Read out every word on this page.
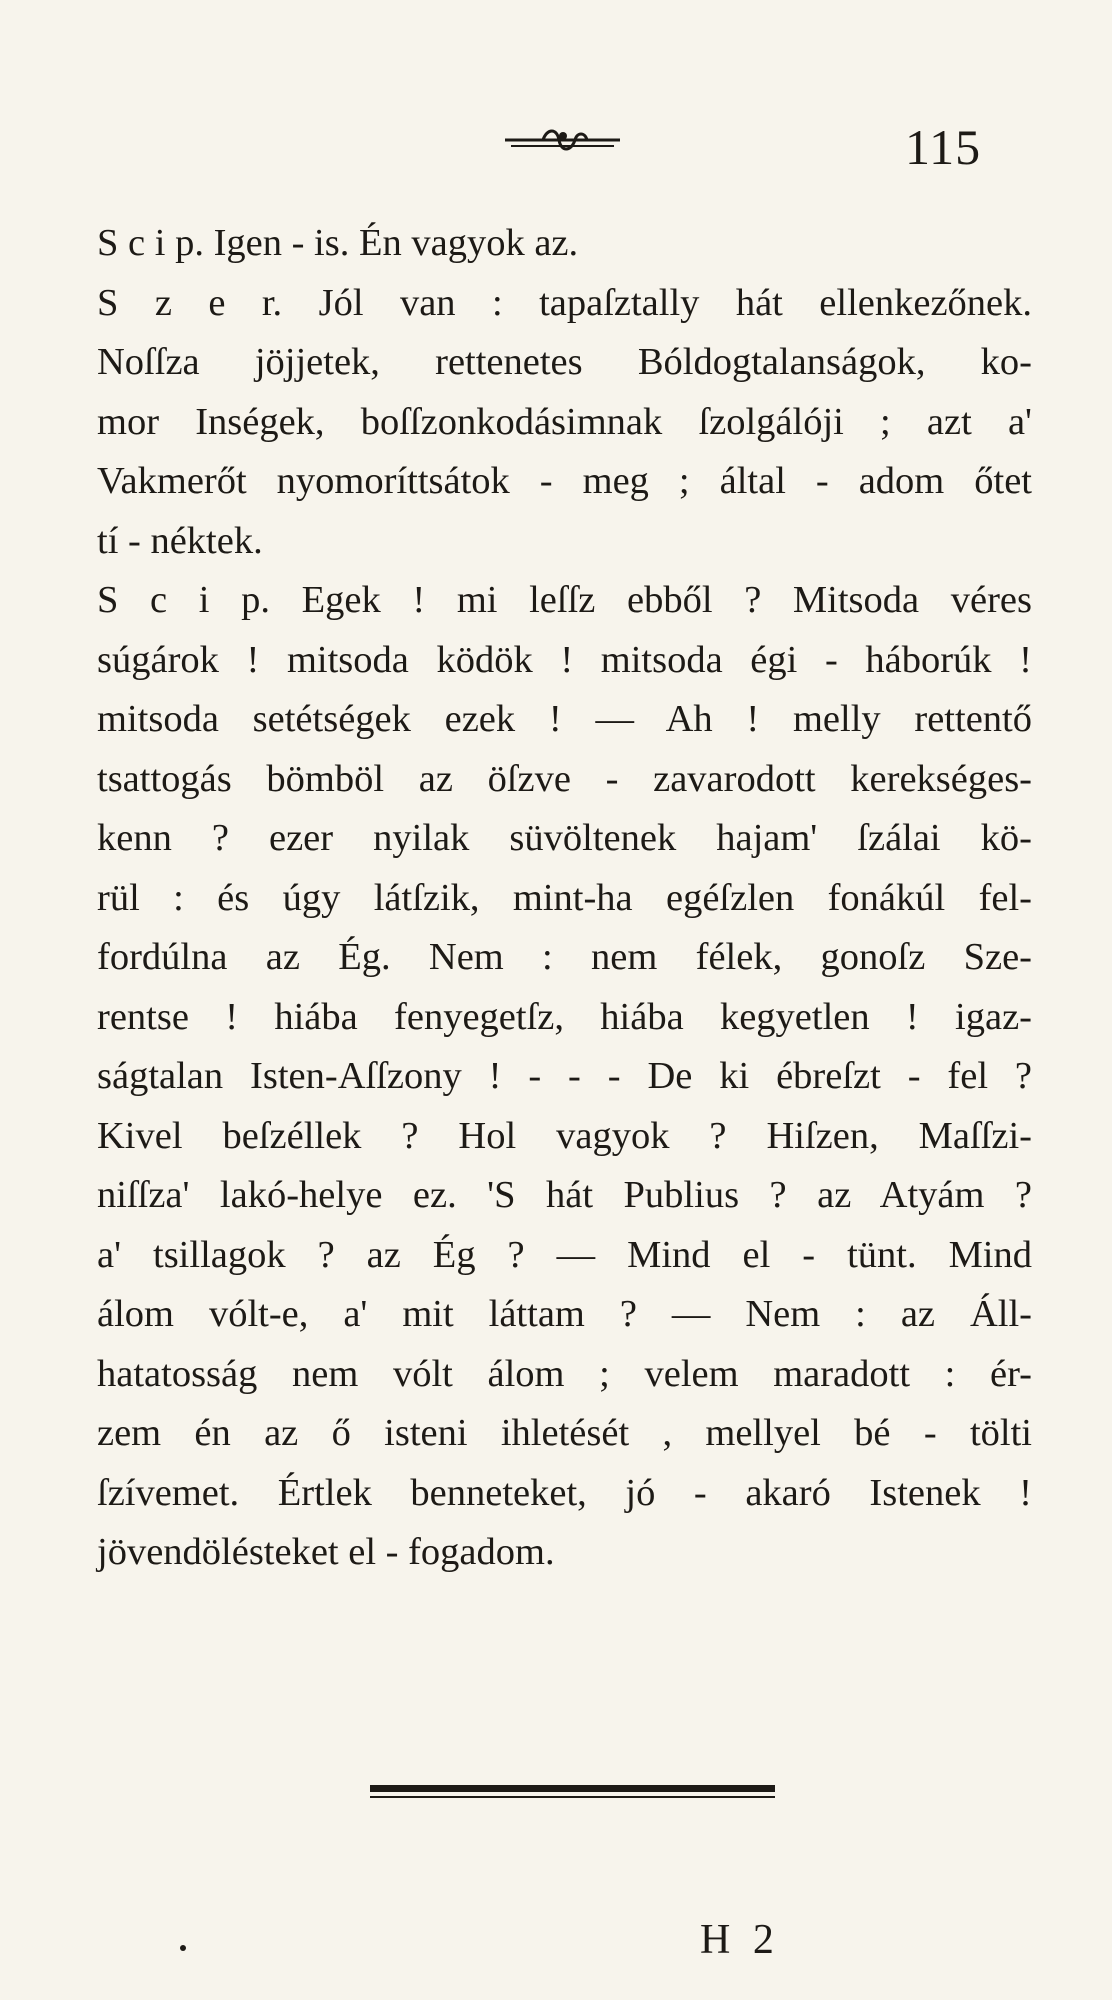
115
S c i p. Igen - is. Én vagyok az.
S z e r. Jól van : tapaſztally hát ellenkezőnek.
Noſſza jöjjetek, rettenetes Bóldogtalanságok, ko-
mor Inségek, boſſzonkodásimnak ſzolgálóji ; azt a'
Vakmerőt nyomoríttsátok - meg ; által - adom őtet
tí - néktek.
S c i p. Egek ! mi leſſz ebből ? Mitsoda véres
súgárok ! mitsoda ködök ! mitsoda égi - háborúk !
mitsoda setétségek ezek ! — Ah ! melly rettentő
tsattogás bömböl az öſzve - zavarodott kerekséges-
kenn ? ezer nyilak süvöltenek hajam' ſzálai kö-
rül : és úgy látſzik, mint-ha egéſzlen fonákúl fel-
fordúlna az Ég. Nem : nem félek, gonoſz Sze-
rentse ! hiába fenyegetſz, hiába kegyetlen ! igaz-
ságtalan Isten-Aſſzony ! - - - De ki ébreſzt - fel ?
Kivel beſzéllek ? Hol vagyok ? Hiſzen, Maſſzi-
niſſza' lakó-helye ez. 'S hát Publius ? az Atyám ?
a' tsillagok ? az Ég ? — Mind el - tünt. Mind
álom vólt-e, a' mit láttam ? — Nem : az Áll-
hatatosság nem vólt álom ; velem maradott : ér-
zem én az ő isteni ihletését , mellyel bé - tölti
ſzívemet. Értlek benneteket, jó - akaró Istenek !
jövendölésteket el - fogadom.
H 2
